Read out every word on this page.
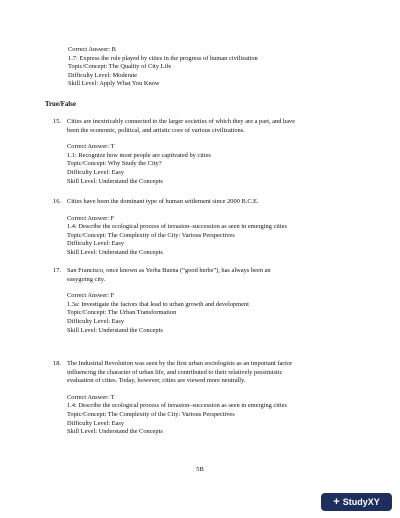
Correct Answer: B
1.7: Express the role played by cities in the progress of human civilization
Topic/Concept: The Quality of City Life
Difficulty Level: Moderate
Skill Level: Apply What You Know
True/False
15. Cities are inextricably connected to the larger societies of which they are a part, and have
been the economic, political, and artistic core of various civilizations.
Correct Answer: T
1.1: Recognize how most people are captivated by cities
Topic/Concept: Why Study the City?
Difficulty Level: Easy
Skill Level: Understand the Concepts
16. Cities have been the dominant type of human settlement since 2000 B.C.E.
Correct Answer: F
1.4: Describe the ecological process of invasion–succession as seen in emerging cities
Topic/Concept: The Complexity of the City: Various Perspectives
Difficulty Level: Easy
Skill Level: Understand the Concepts
17. San Francisco, once known as Yerba Buena (“good herbs”), has always been an
easygoing city.
Correct Answer: F
1.3a: Investigate the factors that lead to urban growth and development
Topic/Concept: The Urban Transformation
Difficulty Level: Easy
Skill Level: Understand the Concepts
18. The Industrial Revolution was seen by the first urban sociologists as an important factor
influencing the character of urban life, and contributed to their relatively pessimistic
evaluation of cities. Today, however, cities are viewed more neutrally.
Correct Answer: T
1.4: Describe the ecological process of invasion–succession as seen in emerging cities
Topic/Concept: The Complexity of the City: Various Perspectives
Difficulty Level: Easy
Skill Level: Understand the Concepts
5B
+ StudyXY
